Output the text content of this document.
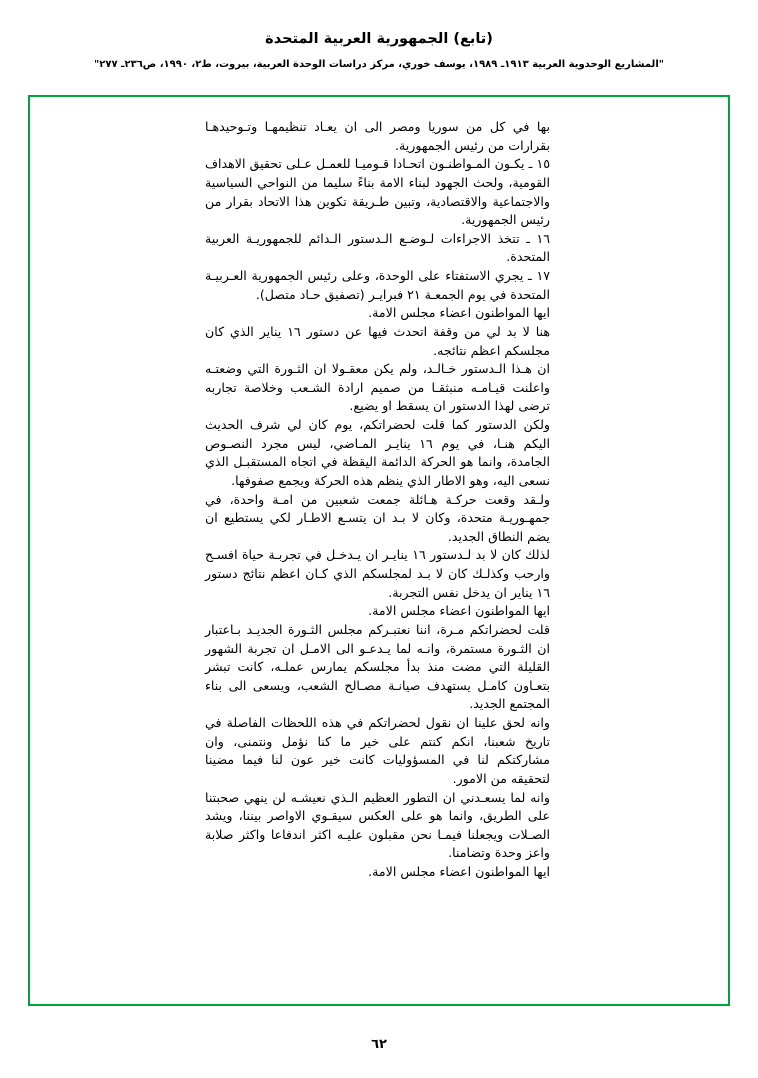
(تابع) الجمهورية العربية المتحدة
"المشاريع الوحدوية العربية ١٩١٣ـ ١٩٨٩، يوسف خوري، مركز دراسات الوحدة العربية، بيروت، ط٢، ١٩٩٠، ص٢٣٦ـ ٢٧٧"

بها في كل من سوريا ومصر الى ان يعـاد تنظيمهـا وتـوحيدهـا بقرارات من رئيس الجمهورية.

١٥ ـ يكـون المـواطنـون اتحـادا قـوميـا للعمـل عـلى تحقيق الاهداف القومية، ولحث الجهود لبناء الامة بناءً سليما من النواحي السياسية والاجتماعية والاقتصادية، وتبين طـريقة تكوين هذا الاتحاد بقرار من رئيس الجمهورية.

١٦ ـ تتخذ الاجراءات لـوضـع الـدستور الـدائم للجمهوريـة العربية المتحدة.

١٧ ـ يجري الاستفتاء على الوحدة، وعلى رئيس الجمهورية العـربيـة المتحدة في يوم الجمعـة ٢١ فبرايـر (تصفيق حـاد متصل).

ايها المواطنون اعضاء مجلس الامة.

هنا لا بد لي من وقفة اتحدث فيها عن دستور ١٦ يناير الذي كان مجلسكم اعظم نتائجه.

ان هـذا الـدستور خـالـد، ولم يكن معقـولا ان الثـورة التي وضعتـه واعلنت قيـامـه منبثقـا من صميم ارادة الشـعب وخلاصة تجاربه ترضى لهذا الدستور ان يسقط او يضيع.

ولكن الدستور كما قلت لحضراتكم، يوم كان لي شرف الحديث اليكم هنـا، في يوم ١٦ ينايـر المـاضي، ليس مجرد النصـوص الجامدة، وانما هو الحركة الدائمة اليقظة في اتجاه المستقبـل الذي نسعى اليه، وهو الاطار الذي ينظم هذه الحركة ويجمع صفوفها.

ولـقد وقعت حركـة هـائلة جمعت شعبين من امـة واحدة، في جمهـوريـة متحدة، وكان لا بـد ان يتسـع الاطـار لكي يستطيع ان يضم النطاق الجديد.

لذلك كان لا بد لـدستور ١٦ ينايـر ان يـدخـل في تجربـة حياة افسـح وارحب وكذلـك كان لا بـد لمجلسكم الذي كـان اعظم نتائج دستور ١٦ يناير ان يدخل نفس التجربة.

ايها المواطنون اعضاء مجلس الامة.

قلت لحضراتكم مـرة، اننا نعتبـركم مجلس الثـورة الجديـد بـاعتبار ان الثـورة مستمرة، وانـه لما يـدعـو الى الامـل ان تجربة الشهور القليلة التي مضت منذ بدأ مجلسكم يمارس عملـه، كانت تبشر بتعـاون كامـل يستهدف صيانـة مصـالح الشعب، ويسعى الى بناء المجتمع الجديد.

وانه لحق علينا ان نقول لحضراتكم في هذه اللحظات الفاصلة في تاريخ شعبنا، انكم كنتم على خير ما كنا نؤمل ونتمنى، وان مشاركتكم لنا في المسؤوليات كانت خير عون لنا فيما مضينا لتحقيقه من الامور.

وانه لما يسعـدني ان التطور العظيم الـذي نعيشـه لن ينهي صحبتنا على الطريق، وانما هو على العكس سيقـوي الاواصر بيننا، ويشد الصـلات ويجعلنا فيمـا نحن مقبلون عليـه اكثر اندفاعا واكثر صلابة واعز وحدة وتضامنا.

ايها المواطنون اعضاء مجلس الامة.

٦٢
